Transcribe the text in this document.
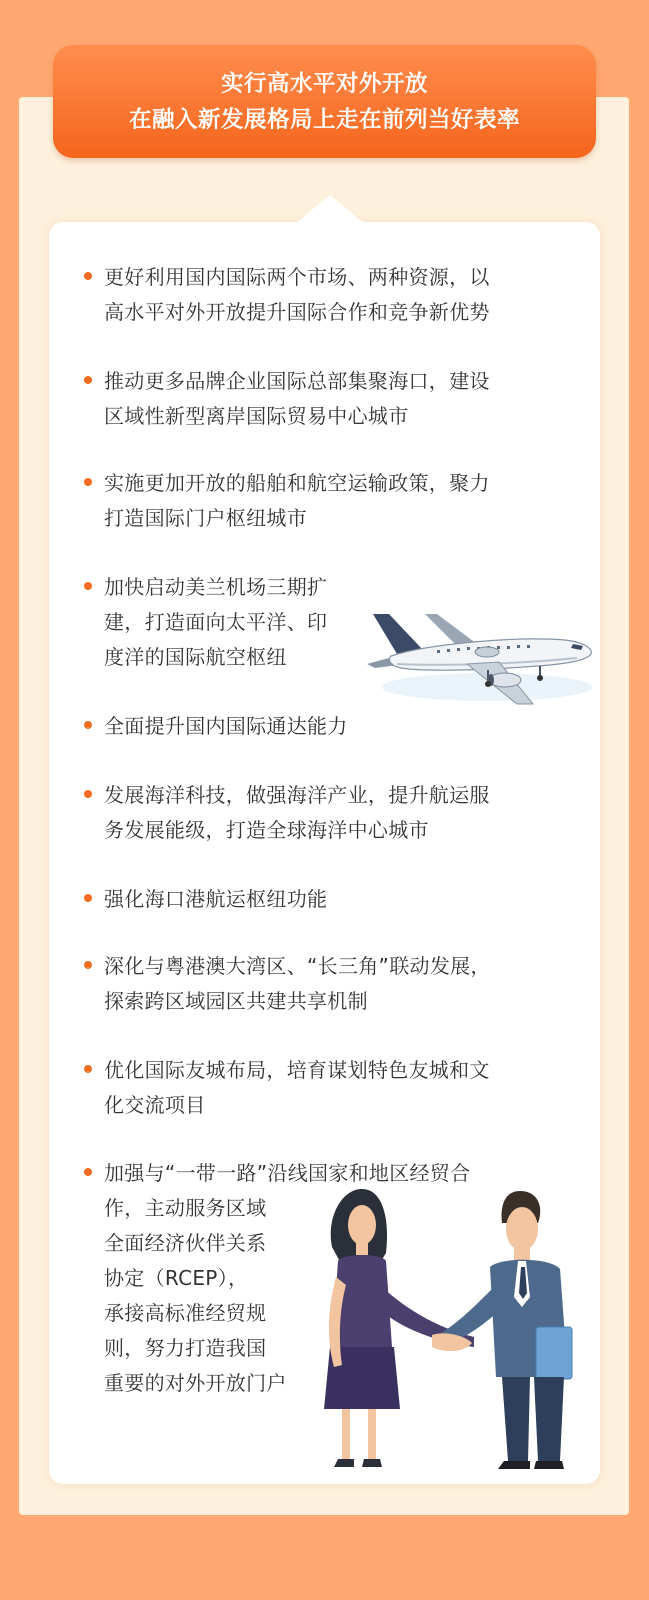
实行高水平对外开放
在融入新发展格局上走在前列当好表率
更好利用国内国际两个市场、两种资源，以
高水平对外开放提升国际合作和竞争新优势
推动更多品牌企业国际总部集聚海口，建设
区域性新型离岸国际贸易中心城市
实施更加开放的船舶和航空运输政策，聚力
打造国际门户枢纽城市
加快启动美兰机场三期扩
建，打造面向太平洋、印
度洋的国际航空枢纽
全面提升国内国际通达能力
发展海洋科技，做强海洋产业，提升航运服
务发展能级，打造全球海洋中心城市
强化海口港航运枢纽功能
深化与粤港澳大湾区、“长三角”联动发展，
探索跨区域园区共建共享机制
优化国际友城布局，培育谋划特色友城和文
化交流项目
加强与“一带一路”沿线国家和地区经贸合
作，主动服务区域
全面经济伙伴关系
协定（RCEP），
承接高标准经贸规
则，努力打造我国
重要的对外开放门户
